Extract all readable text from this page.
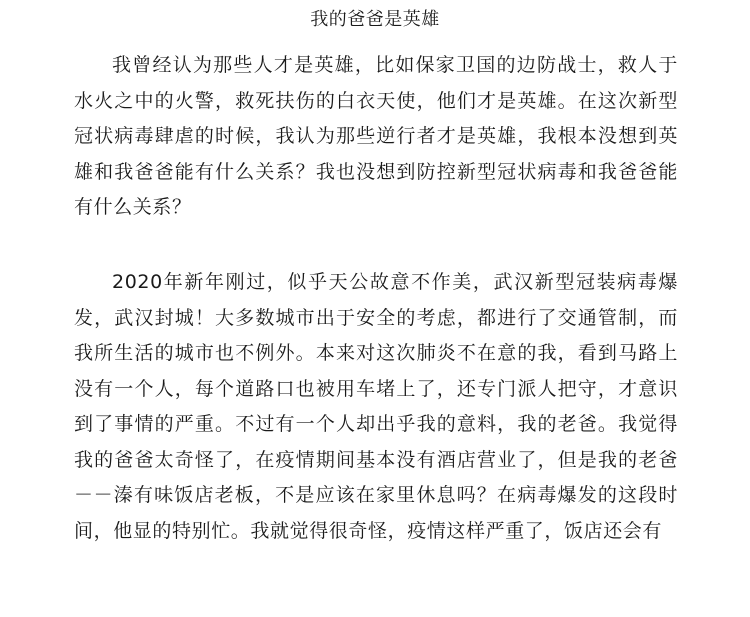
我的爸爸是英雄
我曾经认为那些人才是英雄，比如保家卫国的边防战士，救人于水火之中的火警，救死扶伤的白衣天使，他们才是英雄。在这次新型冠状病毒肆虐的时候，我认为那些逆行者才是英雄，我根本没想到英雄和我爸爸能有什么关系？我也没想到防控新型冠状病毒和我爸爸能有什么关系？
2020年新年刚过，似乎天公故意不作美，武汉新型冠装病毒爆发，武汉封城！大多数城市出于安全的考虑，都进行了交通管制，而我所生活的城市也不例外。本来对这次肺炎不在意的我，看到马路上没有一个人，每个道路口也被用车堵上了，还专门派人把守，才意识到了事情的严重。不过有一个人却出乎我的意料，我的老爸。我觉得我的爸爸太奇怪了，在疫情期间基本没有酒店营业了，但是我的老爸－－溱有味饭店老板，不是应该在家里休息吗？在病毒爆发的这段时间，他显的特别忙。我就觉得很奇怪，疫情这样严重了，饭店还会有
